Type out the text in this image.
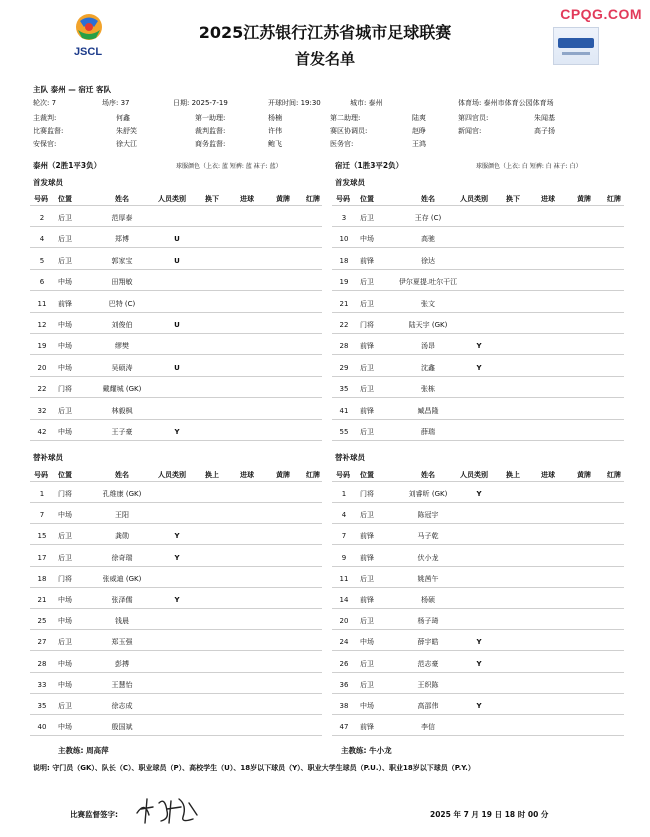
CPQG.COM
JSCL
2025江苏银行江苏省城市足球联赛
首发名单
主队 泰州 — 宿迁 客队
轮次: 7	场序: 37	日期: 2025-7-19	开球时间: 19:30	城市: 泰州	体育场: 泰州市体育公园体育场
主裁判:	何鑫	第一助理:	杨楠	第二助理:	陆爽	第四官员:	朱闻基
比赛监督:	朱舒笑	裁判监督:	许伟	赛区协调员:	赵睁	新闻官:	高子扬
安保官:	徐大江	商务监督:	鲍飞	医务官:	王鸿
泰州（2胜1平3负）	球服颜色（上衣: 蓝 短裤: 蓝 袜子: 蓝）	宿迁（1胜3平2负）	球服颜色（上衣: 白 短裤: 白 袜子: 白）
首发球员	首发球员
替补球员	替补球员
号码	位置	姓名	人员类别	换下	进球	黄牌	红牌
2	后卫	范厚泰
4	后卫	郑博	U
5	后卫	郭家宝	U
6	中场	田翔敏
11	前锋	巴特 (C)
12	中场	刘俊伯	U
19	中场	缪樊
20	中场	吴硕涛	U
22	门将	戴耀城 (GK)
32	后卫	林毅枫
42	中场	王子豪	Y
号码	位置	姓名	人员类别	换上	进球	黄牌	红牌
1	门将	孔维康 (GK)
7	中场	王阳
15	后卫	龚勋	Y
17	后卫	徐奇瑞	Y
18	门将	张威迪 (GK)
21	中场	张泽儒	Y
25	中场	钱晨
27	后卫	郑玉强
28	中场	彭搏
33	中场	王慧怡
35	后卫	徐志成
40	中场	殷国斌
号码	位置	姓名	人员类别	换下	进球	黄牌	红牌
3	后卫	王存 (C)
10	中场	高驰
18	前锋	徐达
19	后卫	伊尔夏提.吐尔干江
21	后卫	张文
22	门将	陆天宇 (GK)
28	前锋	汤昂	Y
29	后卫	沈鑫	Y
35	后卫	张栋
41	前锋	臧昌隆
55	后卫	薛瑞
号码	位置	姓名	人员类别	换上	进球	黄牌	红牌
1	门将	刘睿昕 (GK)	Y
4	后卫	陈冠宇
7	前锋	马子乾
9	前锋	伏小龙
11	后卫	姚茜午
14	前锋	杨硕
20	后卫	杨子琦
24	中场	薛宇皓	Y
26	后卫	范志豪	Y
36	后卫	王织陈
38	中场	高邵伟	Y
47	前锋	李信
主教练: 周高萍	主教练: 牛小龙
说明: 守门员（GK）、队长（C）、职业球员（P）、高校学生（U）、18岁以下球员（Y）、职业大学生球员（P.U.）、职业18岁以下球员（P.Y.）
比赛监督签字:	2025 年 7 月 19 日 18 时 00 分
